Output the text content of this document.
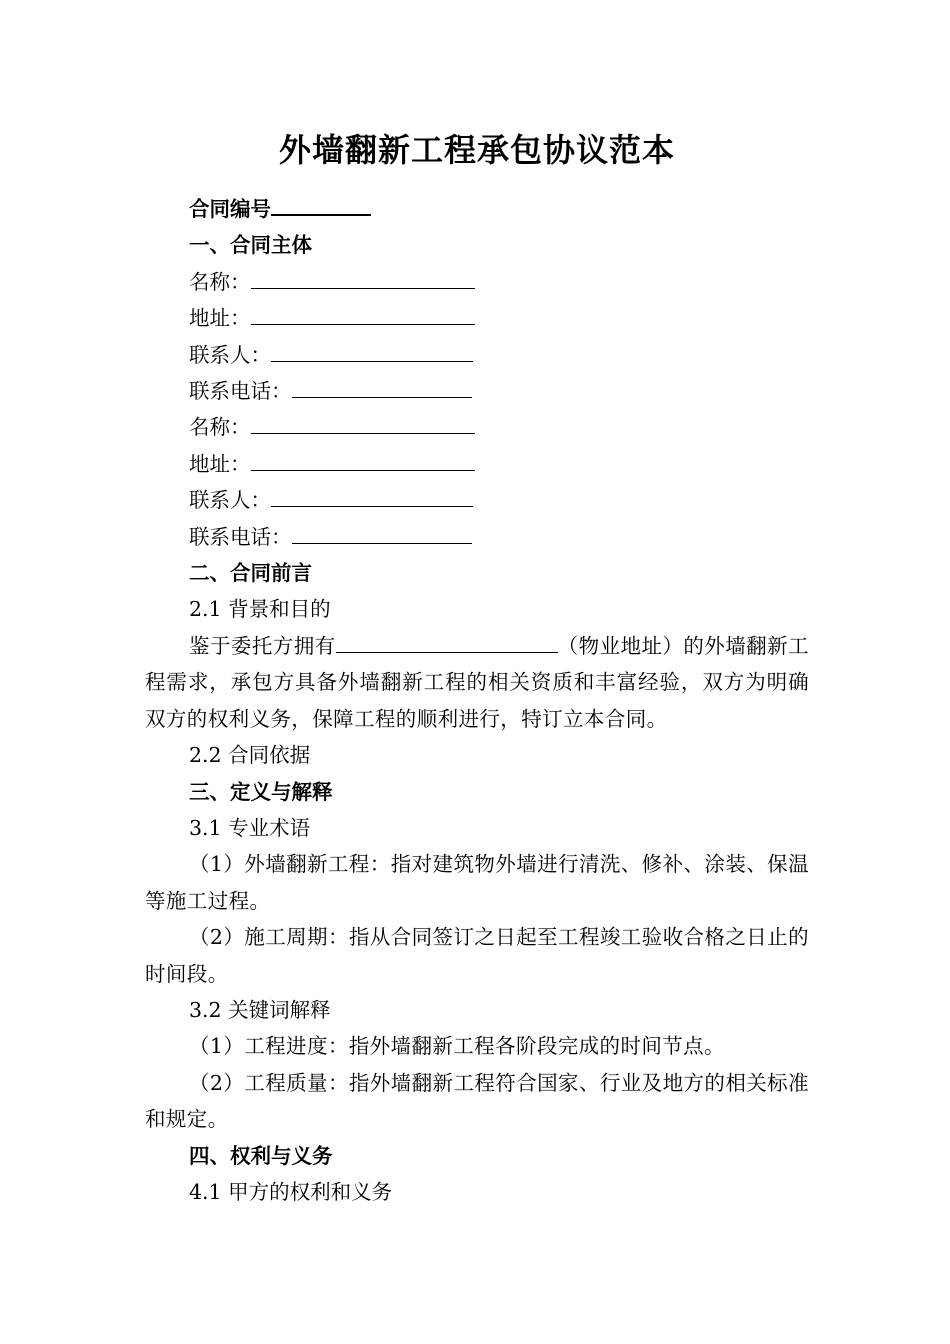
外墙翻新工程承包协议范本
合同编号
一、合同主体
名称：
地址：
联系人：
联系电话：
名称：
地址：
联系人：
联系电话：
二、合同前言
2.1 背景和目的
鉴于委托方拥有	（物业地址）的外墙翻新工程需求，承包方具备外墙翻新工程的相关资质和丰富经验，双方为明确双方的权利义务，保障工程的顺利进行，特订立本合同。
2.2 合同依据
三、定义与解释
3.1 专业术语
（1）外墙翻新工程：指对建筑物外墙进行清洗、修补、涂装、保温等施工过程。
（2）施工周期：指从合同签订之日起至工程竣工验收合格之日止的时间段。
3.2 关键词解释
（1）工程进度：指外墙翻新工程各阶段完成的时间节点。
（2）工程质量：指外墙翻新工程符合国家、行业及地方的相关标准和规定。
四、权利与义务
4.1 甲方的权利和义务
